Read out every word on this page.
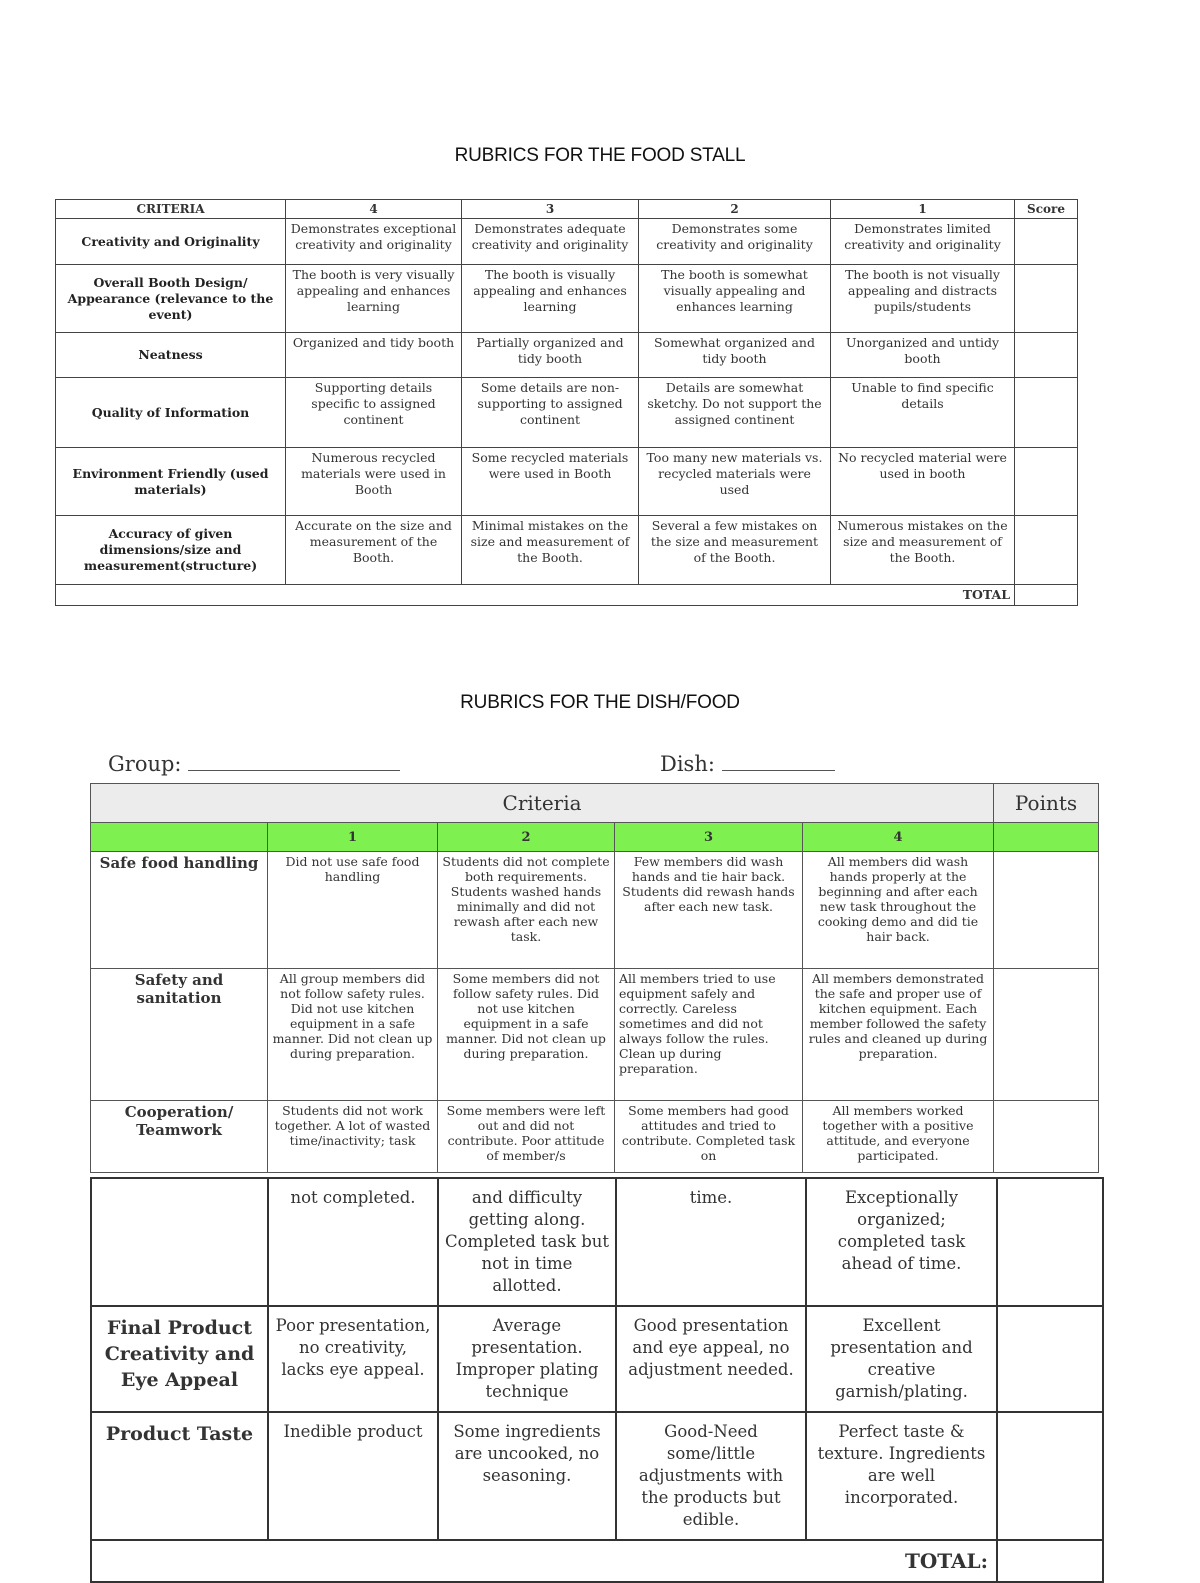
RUBRICS FOR THE FOOD STALL
CRITERIA	4	3	2	1	Score
Creativity and Originality	Demonstrates exceptional creativity and originality	Demonstrates adequate creativity and originality	Demonstrates some creativity and originality	Demonstrates limited creativity and originality	
Overall Booth Design/ Appearance (relevance to the event)	The booth is very visually appealing and enhances learning	The booth is visually appealing and enhances learning	The booth is somewhat visually appealing and enhances learning	The booth is not visually appealing and distracts pupils/students	
Neatness	Organized and tidy booth	Partially organized and tidy booth	Somewhat organized and tidy booth	Unorganized and untidy booth	
Quality of Information	Supporting details specific to assigned continent	Some details are non-supporting to assigned continent	Details are somewhat sketchy. Do not support the assigned continent	Unable to find specific details	
Environment Friendly (used materials)	Numerous recycled materials were used in Booth	Some recycled materials were used in Booth	Too many new materials vs. recycled materials were used	No recycled material were used in booth	
Accuracy of given dimensions/size and measurement(structure)	Accurate on the size and measurement of the Booth.	Minimal mistakes on the size and measurement of the Booth.	Several a few mistakes on the size and measurement of the Booth.	Numerous mistakes on the size and measurement of the Booth.	
TOTAL					
RUBRICS FOR THE DISH/FOOD
Group:	Dish:
Criteria					Points
	1	2	3	4	
Safe food handling	Did not use safe food handling	Students did not complete both requirements. Students washed hands minimally and did not rewash after each new task.	Few members did wash hands and tie hair back. Students did rewash hands after each new task.	All members did wash hands properly at the beginning and after each new task throughout the cooking demo and did tie hair back.	
Safety and sanitation	All group members did not follow safety rules. Did not use kitchen equipment in a safe manner. Did not clean up during preparation.	Some members did not follow safety rules. Did not use kitchen equipment in a safe manner. Did not clean up during preparation.	All members tried to use equipment safely and correctly. Careless sometimes and did not always follow the rules. Clean up during preparation.	All members demonstrated the safe and proper use of kitchen equipment. Each member followed the safety rules and cleaned up during preparation.	
Cooperation/ Teamwork	Students did not work together. A lot of wasted time/inactivity; task	Some members were left out and did not contribute. Poor attitude of member/s	Some members had good attitudes and tried to contribute. Completed task on	All members worked together with a positive attitude, and everyone participated.	
	not completed.	and difficulty getting along. Completed task but not in time allotted.	time.	Exceptionally organized; completed task ahead of time.	
Final Product Creativity and Eye Appeal	Poor presentation, no creativity, lacks eye appeal.	Average presentation. Improper plating technique	Good presentation and eye appeal, no adjustment needed.	Excellent presentation and creative garnish/plating.	
Product Taste	Inedible product	Some ingredients are uncooked, no seasoning.	Good-Need some/little adjustments with the products but edible.	Perfect taste & texture. Ingredients are well incorporated.	
TOTAL:					
